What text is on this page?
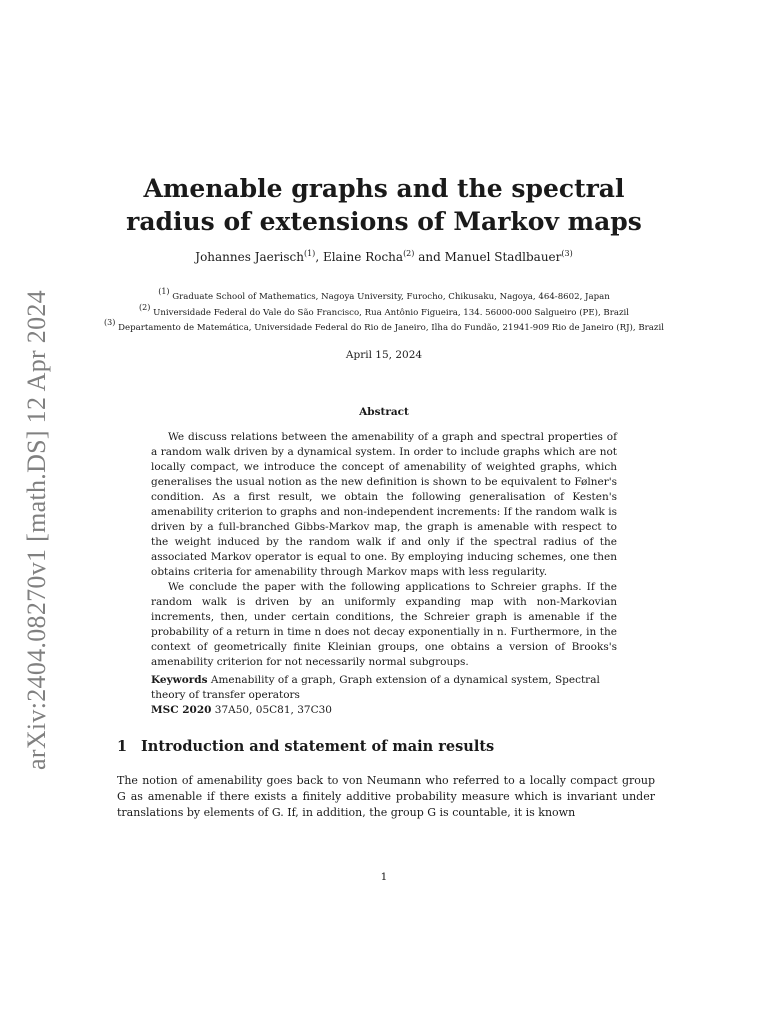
arXiv:2404.08270v1 [math.DS] 12 Apr 2024
Amenable graphs and the spectral
radius of extensions of Markov maps
Johannes Jaerisch$^{(1)}$, Elaine Rocha$^{(2)}$ and Manuel Stadlbauer$^{(3)}$
$^{(1)}$ Graduate School of Mathematics, Nagoya University, Furocho, Chikusaku, Nagoya, 464-8602, Japan
$^{(2)}$ Universidade Federal do Vale do São Francisco, Rua Antônio Figueira, 134. 56000-000 Salgueiro (PE), Brazil
$^{(3)}$ Departamento de Matemática, Universidade Federal do Rio de Janeiro, Ilha do Fundão, 21941-909 Rio de Janeiro (RJ), Brazil
April 15, 2024
Abstract

We discuss relations between the amenability of a graph and spectral properties of a random walk driven by a dynamical system. In order to include graphs which are not locally compact, we introduce the concept of amenability of weighted graphs, which generalises the usual notion as the new definition is shown to be equivalent to Følner's condition. As a first result, we obtain the following generalisation of Kesten's amenability criterion to graphs and non-independent increments: If the random walk is driven by a full-branched Gibbs-Markov map, the graph is amenable with respect to the weight induced by the random walk if and only if the spectral radius of the associated Markov operator is equal to one. By employing inducing schemes, one then obtains criteria for amenability through Markov maps with less regularity.

We conclude the paper with the following applications to Schreier graphs. If the random walk is driven by an uniformly expanding map with non-Markovian increments, then, under certain conditions, the Schreier graph is amenable if the probability of a return in time n does not decay exponentially in n. Furthermore, in the context of geometrically finite Kleinian groups, one obtains a version of Brooks's amenability criterion for not necessarily normal subgroups.

Keywords Amenability of a graph, Graph extension of a dynamical system, Spectral theory of transfer operators
MSC 2020 37A50, 05C81, 37C30
1 Introduction and statement of main results

The notion of amenability goes back to von Neumann who referred to a locally compact group G as amenable if there exists a finitely additive probability measure which is invariant under translations by elements of G. If, in addition, the group G is countable, it is known

1
